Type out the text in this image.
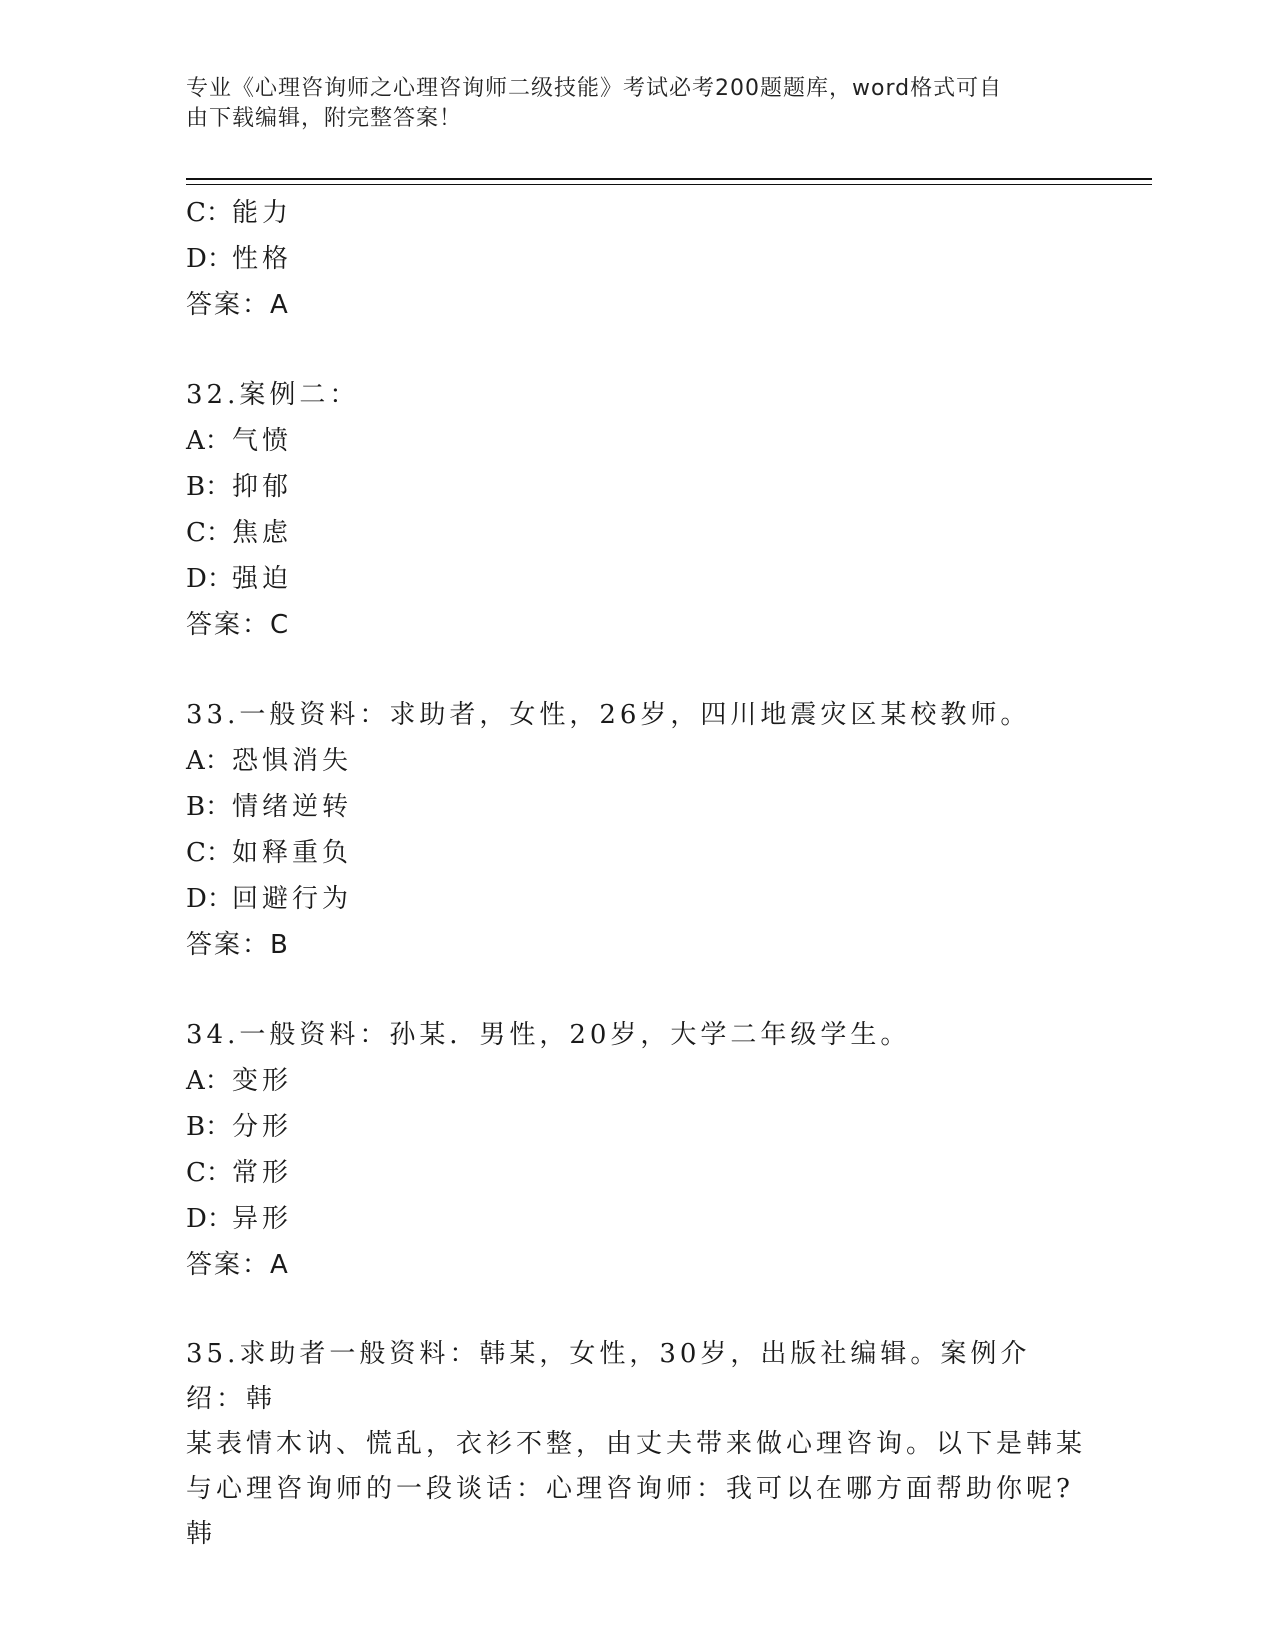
专业《心理咨询师之心理咨询师二级技能》考试必考200题题库，word格式可自
由下载编辑，附完整答案！
C：能力
D：性格
答案：A
32.案例二：
A：气愤
B：抑郁
C：焦虑
D：强迫
答案：C
33.一般资料：求助者，女性，26岁，四川地震灾区某校教师。
A：恐惧消失
B：情绪逆转
C：如释重负
D：回避行为
答案：B
34.一般资料：孙某．男性，20岁，大学二年级学生。
A：变形
B：分形
C：常形
D：异形
答案：A
35.求助者一般资料：韩某，女性，30岁，出版社编辑。案例介绍：韩
某表情木讷、慌乱，衣衫不整，由丈夫带来做心理咨询。以下是韩某
与心理咨询师的一段谈话：心理咨询师：我可以在哪方面帮助你呢?韩
